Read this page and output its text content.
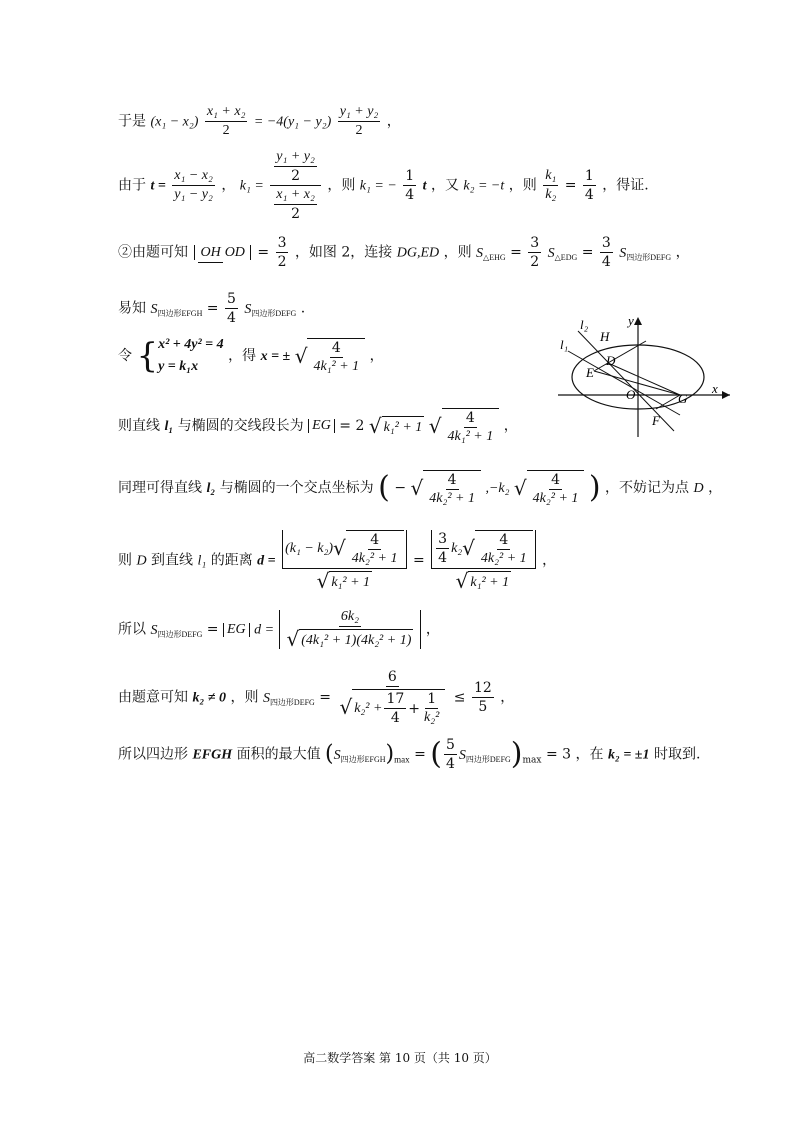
于是 $(x_1 - x_2) \frac{\text{x₁ + x₂}}{2} = -4(y_1 - y_2) \frac{\text{y₁ + y₂}}{2}$ ，
由于 $t = \frac{\text{x₁ − x₂}}{\text{y₁ − y₂}}$ ， $k_1 = \frac{\frac{\text{y₁ + y₂}}{2}}{\frac{\text{x₁ + x₂}}{2}}$ ，则 k₁ = − $\frac{1}{4}$ t ，又 k₂ = −t ，则 $\frac{\text{k₁}}{\text{k₂}} = \frac{1}{4}$ ，得证.
②由题可知 OH OD = $\frac{3}{2}$ ，如图 2，连接 DG,ED ，则 $S_{\triangle EHG} = \frac{3}{2} S_{\triangle EDG} = \frac{3}{4} S_{四边形DEFG}$ ，
易知 $S_{四边形EFGH} = \frac{5}{4} S_{四边形DEFG}$ .
令 { x² + 4y² = 4
y = k₁x
，得 x = ± √ $\frac{4}{\text{4k₁² + 1}}$ ，
则直线 l₁ 与椭圆的交线段长为 EG = 2 √ k₁² + 1
√ $\frac{4}{\text{4k₁² + 1}}$ ，
同理可得直线 l₂ 与椭圆的一个交点坐标为 ( − √ $\frac{4}{\text{4k₂² + 1}} ,-k_2$ √ $\frac{4}{\text{4k₂² + 1}}$ ) ，不妨记为点 D ，
则 D 到直线 l₁ 的距离 $d = \frac{(k_1 - k_2) √ \frac{4}{\text{4k₂² + 1}}}{\text{√ k₁² + 1}} = \frac{\frac{3}{4} k_2 √ \frac{4}{\text{4k₂² + 1}}}{\text{√ k₁² + 1}}$ ，
所以 $S_{四边形DEFG}$ = EG $d = \frac{\text{6k₂}}{\text{√ (4k₁² + 1)(4k₂² + 1)}}$ ，
由题意可知 k₂ ≠ 0 ，则 $S_{四边形DEFG} = \frac{6}{√ k_2^2 + \frac{17}{4} + \frac{1}{\text{k₂²}}} \le \frac{12}{5}$ ，
所以四边形 EFGH 面积的最大值 $(S_{四边形EFGH})_{max}$ = ( $\frac{5}{4} S_{四边形DEFG})_{max} = 3$ ，在 k₂ = ±1 时取到.
l₂
l₁
y
x
H
D
E
O	G
F
高二数学答案 第 10 页（共 10 页）
